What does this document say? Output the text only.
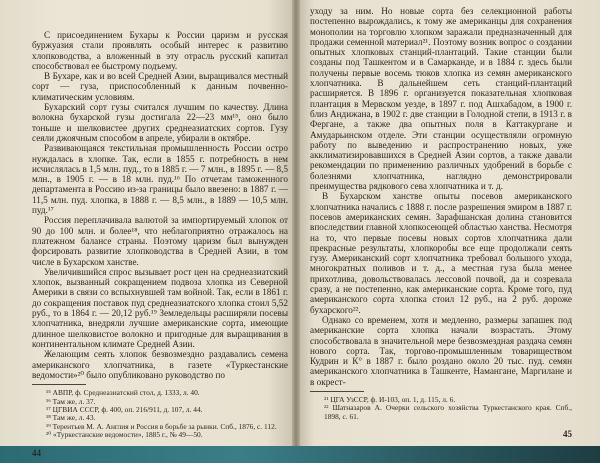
С присоединением Бухары к России царизм и русская буржуазия стали проявлять особый интерес к развитию хлопководства, а вложенный в эту отрасль русский капитал способствовал ее быстрому подъему.

В Бухаре, как и во всей Средней Азии, выращивался местный сорт — гуза, приспособленный к данным почвенно-климатическим условиям.

Бухарский сорт гузы считался лучшим по качеству. Длина волокна бухарской гузы достигала 22—23 мм¹⁵, оно было тоньше и шелковистее других среднеазиатских сортов. Гузу сеяли джоячным способом в апреле, убирали в октябре.

Развивающаяся текстильная промышленность России остро нуждалась в хлопке. Так, если в 1855 г. потребность в нем исчислялась в 1,5 млн. пуд., то в 1885 г. — 7 млн., в 1895 г. — 8,5 млн., в 1905 г. — в 18 млн. пуд.¹⁶ По отчетам таможенного департамента в Россию из-за границы было ввезено: в 1887 г. — 11,5 млн. пуд. хлопка, в 1888 г. — 8,5 млн., в 1889 — 10,5 млн. пуд.¹⁷

Россия переплачивала валютой за импортируемый хлопок от 90 до 100 млн. и более¹⁸, что неблагоприятно отражалось на платежном балансе страны. Поэтому царизм был вынужден форсировать развитие хлопководства в Средней Азии, в том числе в Бухарском ханстве.

Увеличившийся спрос вызывает рост цен на среднеазиатский хлопок, вызванный сокращением подвоза хлопка из Северной Америки в связи со вспыхнувшей там войной. Так, если в 1861 г. до сокращения поставок пуд среднеазиатского хлопка стоил 5,52 руб., то в 1864 г. — 20,12 руб.¹⁹ Земледельцы расширяли посевы хлопчатника, внедряли лучшие американские сорта, имеющие длинное шелковистое волокно и пригодные для выращивания в континентальном климате Средней Азии.

Желающим сеять хлопок безвозмездно раздавались семена американского хлопчатника, в газете «Туркестанские ведомости»²⁰ было опубликовано руководство по

¹⁵ АВПР, ф. Среднеазиатский стол, д. 1333, л. 40.

¹⁶ Там же, л. 37.

¹⁷ ЦГВИА СССР, ф. 400, оп. 216/911, д. 107, л. 44.

¹⁸ Там же, л. 43.

¹⁹ Терентьев М. А. Англия и Россия в борьбе за рынки. Спб., 1876, с. 112.

²⁰ «Туркестанские ведомости», 1885 г., № 49—50.

44

уходу за ним. Но новые сорта без селекционной работы постепенно вырождались, к тому же американцы для сохранения монополии на торговлю хлопком заражали предназначенный для продажи семенной материал²¹. Поэтому возник вопрос о создании опытных хлопковых станций-плантаций. Такие станции были созданы под Ташкентом и в Самарканде, и в 1884 г. здесь были получены первые восемь тюков хлопка из семян американского хлопчатника. В дальнейшем сеть станций-плантаций расширяется. В 1896 г. организуется показательная хлопковая плантация в Мервском уезде, в 1897 г. под Ашхабадом, в 1900 г. близ Андижана, в 1902 г. две станции в Голодной степи, в 1913 г. в Фергане, а также два опытных поля в Каттакургане и Амударьинском отделе. Эти станции осуществляли огромную работу по выведению и распространению новых, уже акклиматизировавшихся в Средней Азии сортов, а также давали рекомендации по применению различных удобрений в борьбе с болезнями хлопчатника, наглядно демонстрировали преимущества рядкового сева хлопчатника и т. д.

В Бухарском ханстве опыты посевов американского хлопчатника начались с 1888 г. после разрешения эмиром в 1887 г. посевов американских семян. Зарафшанская долина становится впоследствии главной хлопкосеющей областью ханства. Несмотря на то, что первые посевы новых сортов хлопчатника дали прекрасные результаты, хлопкоробы все еще продолжали сеять гузу. Американский сорт хлопчатника требовал большого ухода, многократных поливов и т. д., а местная гуза была менее прихотлива, довольствовалась лессовой почвой, да и созревала сразу, а не постепенно, как американские сорта. Кроме того, пуд американского сорта хлопка стоил 12 руб., на 2 руб. дороже бухарского²².

Однако со временем, хотя и медленно, размеры запашек под американские сорта хлопка начали возрастать. Этому способствовала в значительной мере безвозмездная раздача семян нового сорта. Так, торгово-промышленным товариществом Кудрин и К° в 1887 г. было роздано около 20 тыс. пуд. семян американского хлопчатника в Ташкенте, Намангане, Маргилане и в окрест-

²¹ ЦГА УзССР, ф. И-103, оп. 1, д. 115, л. 6.

²² Шатназаров А. Очерки сельского хозяйства Туркестанского края. Спб., 1898, с. 61.

45
